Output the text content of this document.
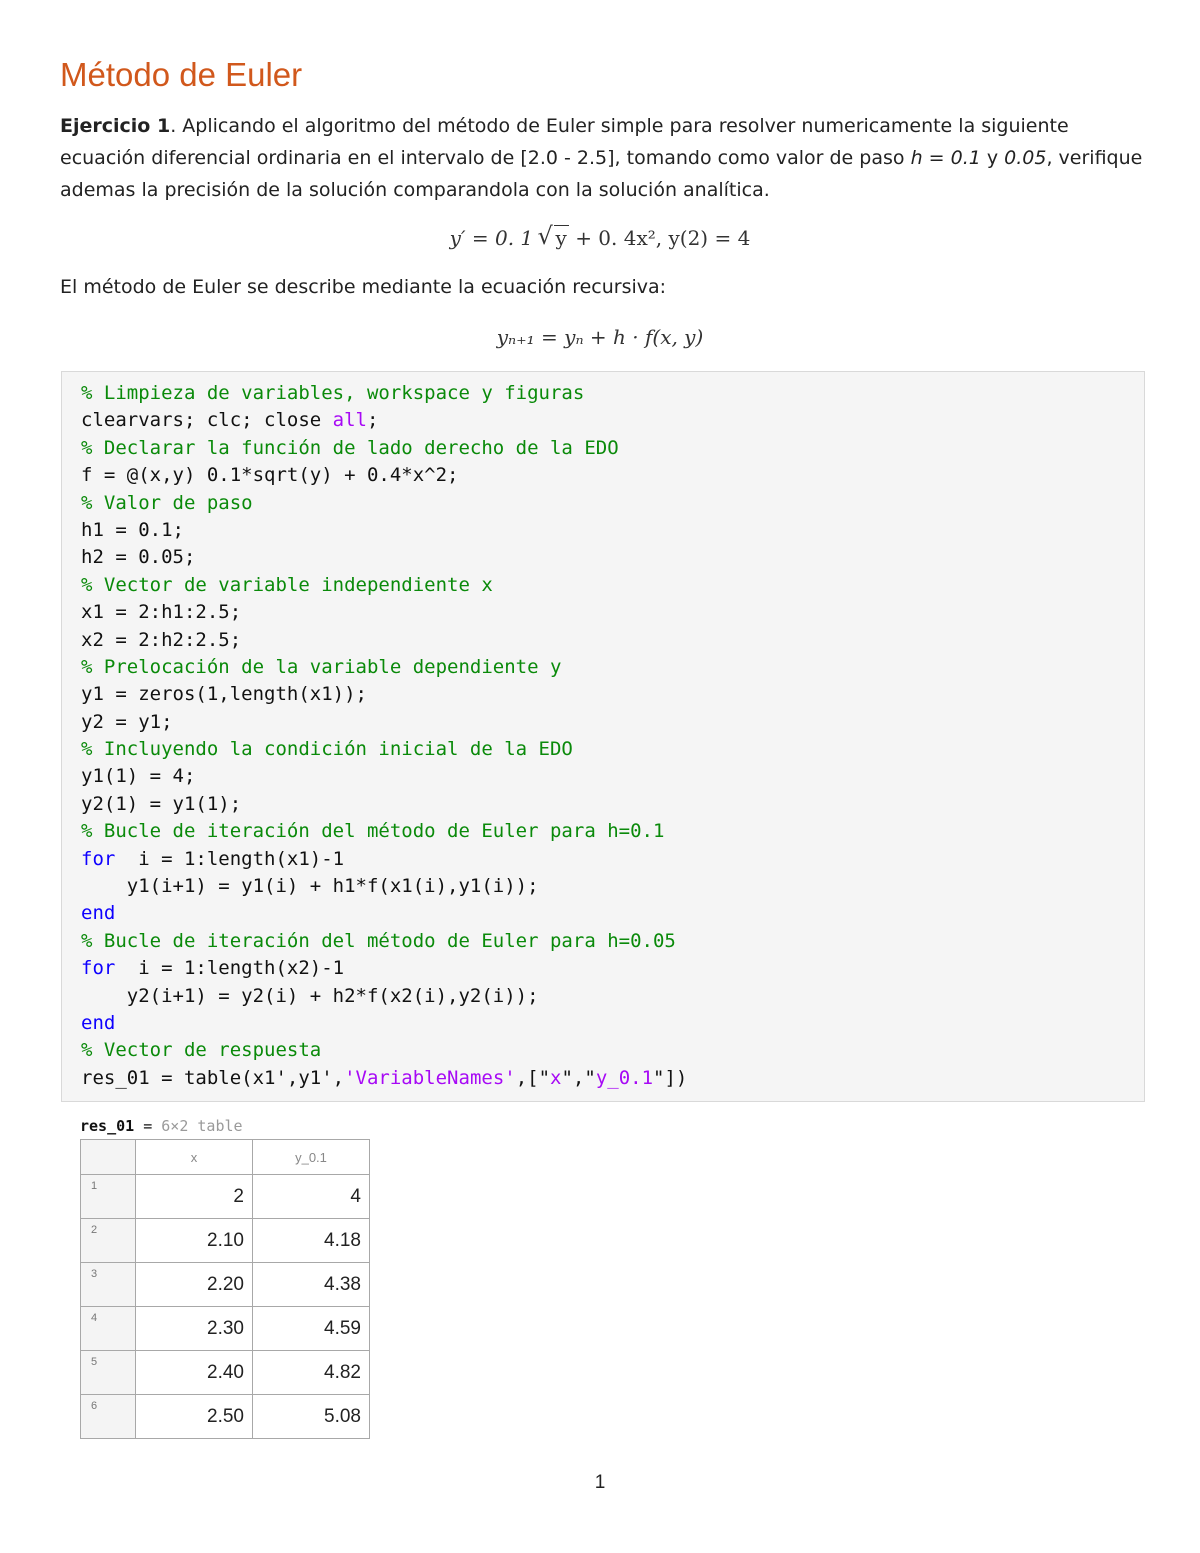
Método de Euler

Ejercicio 1. Aplicando el algoritmo del método de Euler simple para resolver numericamente la siguiente ecuación diferencial ordinaria en el intervalo de [2.0 - 2.5], tomando como valor de paso h = 0.1 y 0.05, verifique ademas la precisión de la solución comparandola con la solución analítica.

y′ = 0. 1 √ y + 0. 4x², y(2) = 4

El método de Euler se describe mediante la ecuación recursiva:

yₙ₊₁ = yₙ + h · f(x, y)
% Limpieza de variables, workspace y figuras
clearvars; clc; close all;
% Declarar la función de lado derecho de la EDO
f = @(x,y) 0.1*sqrt(y) + 0.4*x^2;
% Valor de paso
h1 = 0.1;
h2 = 0.05;
% Vector de variable independiente x
x1 = 2:h1:2.5;
x2 = 2:h2:2.5;
% Prelocación de la variable dependiente y
y1 = zeros(1,length(x1));
y2 = y1;
% Incluyendo la condición inicial de la EDO
y1(1) = 4;
y2(1) = y1(1);
% Bucle de iteración del método de Euler para h=0.1
for  i = 1:length(x1)-1
y1(i+1) = y1(i) + h1*f(x1(i),y1(i));
end
% Bucle de iteración del método de Euler para h=0.05
for  i = 1:length(x2)-1
y2(i+1) = y2(i) + h2*f(x2(i),y2(i));
end
% Vector de respuesta
res_01 = table(x1',y1','VariableNames',["x","y_0.1"])
res_01 = 6×2 table
	x	y_0.1
1	2	4
2	2.10	4.18
3	2.20	4.38
4	2.30	4.59
5	2.40	4.82
6	2.50	5.08
1
